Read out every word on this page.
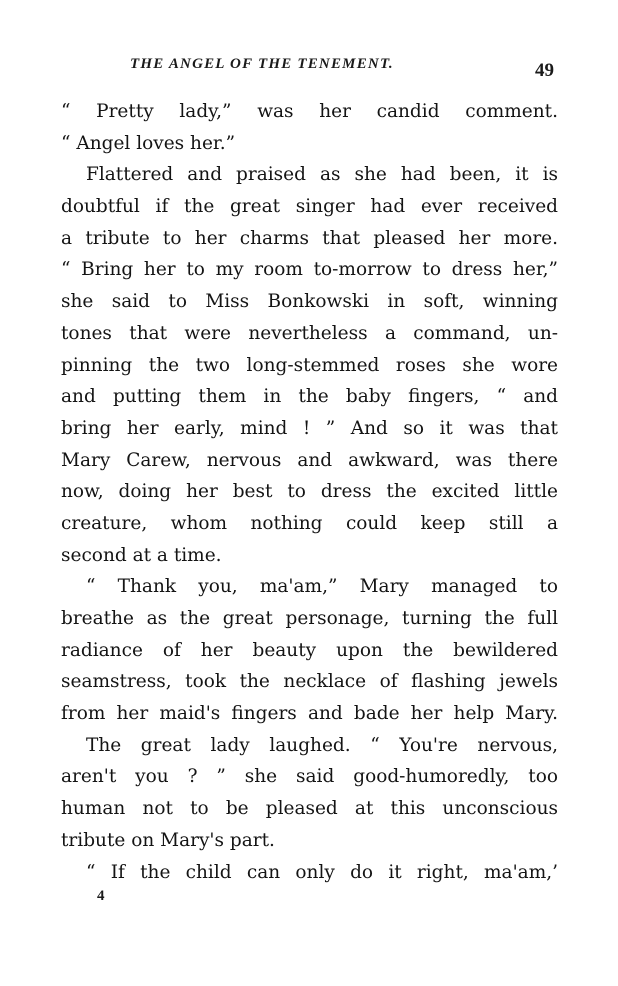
THE ANGEL OF THE TENEMENT.	49
“ Pretty lady,” was her candid comment.
“ Angel loves her.”
Flattered and praised as she had been, it is
doubtful if the great singer had ever received
a tribute to her charms that pleased her more.
“ Bring her to my room to-morrow to dress her,”
she said to Miss Bonkowski in soft, winning
tones that were nevertheless a command, un-
pinning the two long-stemmed roses she wore
and putting them in the baby fingers, “ and
bring her early, mind ! ” And so it was that
Mary Carew, nervous and awkward, was there
now, doing her best to dress the excited little
creature, whom nothing could keep still a
second at a time.
“ Thank you, ma'am,” Mary managed to
breathe as the great personage, turning the full
radiance of her beauty upon the bewildered
seamstress, took the necklace of flashing jewels
from her maid's fingers and bade her help Mary.
The great lady laughed. “ You're nervous,
aren't you ? ” she said good-humoredly, too
human not to be pleased at this unconscious
tribute on Mary's part.
“ If the child can only do it right, ma'am,’
4
